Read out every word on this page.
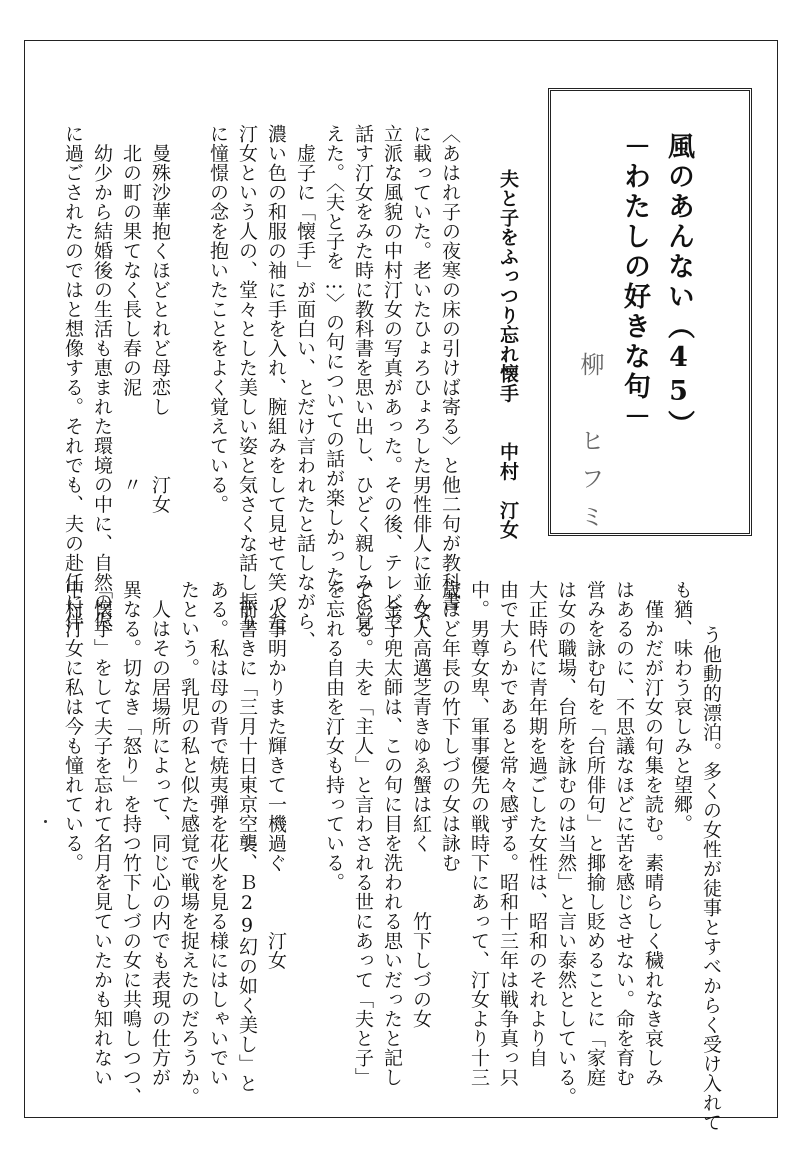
風のあんない（45）
－わたしの好きな句－
柳　ヒフミ

夫と子をふっつり忘れ懐手　　中村　汀女

〈あはれ子の夜寒の床の引けば寄る〉と他二句が教科書
に載っていた。老いたひょろひょろした男性俳人に並んで
立派な風貌の中村汀女の写真があった。その後、テレビで
話す汀女をみた時に教科書を思い出し、ひどく親しみを覚
えた。〈夫と子を…〉の句についての話が楽しかった。
　虚子に「懐手」が面白い、とだけ言われたと話しながら、
濃い色の和服の袖に手を入れ、腕組みをして見せて笑った
汀女という人の、堂々とした美しい姿と気さくな話し振り
に憧憬の念を抱いたことをよく覚えている。

　曼殊沙華抱くほどとれど母恋し　　　汀女
　北の町の果てなく長し春の泥　　　　〃
　幼少から結婚後の生活も恵まれた環境の中に、自然の侭
に過ごされたのではと想像する。それでも、夫の赴任に伴

う他動的漂泊。多くの女性が徒事とすべからく受け入れて
も猶、味わう哀しみと望郷。
　僅かだが汀女の句集を読む。素晴らしく穢れなき哀しみ
はあるのに、不思議なほどに苦を感じさせない。命を育む
営みを詠む句を「台所俳句」と揶揄し貶めることに「家庭
は女の職場、台所を詠むのは当然」と言い泰然としている。
大正時代に青年期を過ごした女性は、昭和のそれより自
由で大らかであると常々感ずる。昭和十三年は戦争真っ只
中。男尊女卑、軍事優先の戦時下にあって、汀女より十三
歳ほど年長の竹下しづの女は詠む
　女人高邁芝青きゆゑ蟹は紅く　　　竹下しづの女
　金子兜太師は、この句に目を洗われる思いだったと記し
ている。夫を「主人」と言わされる世にあって「夫と子」
を忘れる自由を汀女も持っている。

　火事明かりまた輝きて一機過ぐ　　　汀女
　前書きに「三月十日東京空襲、Ｂ29幻の如く美し」と
ある。私は母の背で焼夷弾を花火を見る様にはしゃいでい
たという。乳児の私と似た感覚で戦場を捉えたのだろうか。
　人はその居場所によって、同じ心の内でも表現の仕方が
異なる。切なき「怒り」を持つ竹下しづの女に共鳴しつつ、
「懐手」をして夫子を忘れて名月を見ていたかも知れない
中村汀女に私は今も憧れている。
